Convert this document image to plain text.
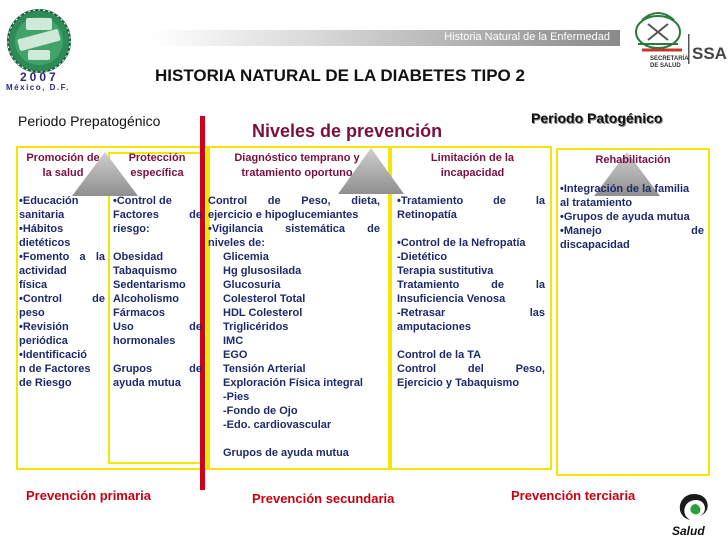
Historia Natural de la Enfermedad
2007
México, D.F.
SECRETARÍA DE SALUD
SSA
HISTORIA NATURAL DE LA DIABETES TIPO 2
Periodo Prepatogénico	Periodo Patogénico
Niveles de prevención
Promoción de
la salud
Protección
específica
Diagnóstico temprano y
tratamiento oportuno
Limitación de la
incapacidad
Rehabilitación
•Educación
sanitaria
•Hábitos
dietéticos
•Fomento a la
actividad
física
•Control de
peso
•Revisión
periódica
•Identificació
n de Factores
de Riesgo
•Control de
Factores de
riesgo:
Obesidad
Tabaquismo
Sedentarismo
Alcoholismo
Fármacos
Uso de
hormonales
Grupos de
ayuda mutua
Control de Peso, dieta,
ejercicio e hipoglucemiantes
•Vigilancia sistemática de
niveles de:
Glicemia
Hg glusosilada
Glucosuria
Colesterol Total
HDL Colesterol
Triglicéridos
IMC
EGO
Tensión Arterial
Exploración Física integral
-Pies
-Fondo de Ojo
-Edo. cardiovascular
Grupos de ayuda mutua
•Tratamiento de la
Retinopatía
•Control de la Nefropatía
-Dietético
Terapia sustitutiva
Tratamiento de la
Insuficiencia Venosa
-Retrasar las
amputaciones
Control de la TA
Control del Peso,
Ejercicio y Tabaquismo
•Integración de la familia
al tratamiento
•Grupos de ayuda mutua
•Manejo de
discapacidad
Prevención primaria	Prevención secundaria	Prevención terciaria
Salud
